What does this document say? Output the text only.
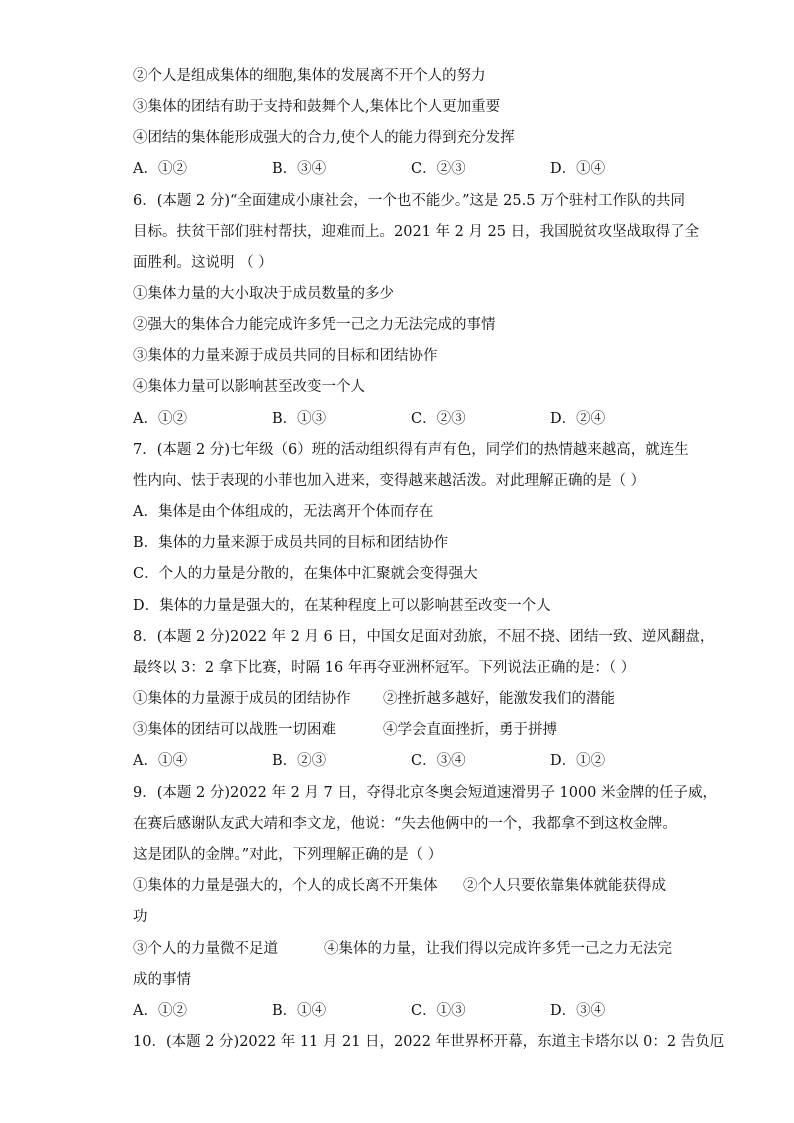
②个人是组成集体的细胞,集体的发展离不开个人的努力
③集体的团结有助于支持和鼓舞个人,集体比个人更加重要
④团结的集体能形成强大的合力,使个人的能力得到充分发挥
A．①②	B．③④	C．②③	D．①④
6．(本题 2 分)“全面建成小康社会，一个也不能少。”这是 25.5 万个驻村工作队的共同
目标。扶贫干部们驻村帮扶，迎难而上。2021 年 2 月 25 日，我国脱贫攻坚战取得了全
面胜利。这说明 （ ）
①集体力量的大小取决于成员数量的多少
②强大的集体合力能完成许多凭一己之力无法完成的事情
③集体的力量来源于成员共同的目标和团结协作
④集体力量可以影响甚至改变一个人
A．①②	B．①③	C．②③	D．②④
7．(本题 2 分)七年级（6）班的活动组织得有声有色，同学们的热情越来越高，就连生
性内向、怯于表现的小菲也加入进来，变得越来越活泼。对此理解正确的是（ ）
A．集体是由个体组成的，无法离开个体而存在
B．集体的力量来源于成员共同的目标和团结协作
C．个人的力量是分散的，在集体中汇聚就会变得强大
D．集体的力量是强大的，在某种程度上可以影响甚至改变一个人
8．(本题 2 分)2022 年 2 月 6 日，中国女足面对劲旅，不屈不挠、团结一致、逆风翻盘，
最终以 3：2 拿下比赛，时隔 16 年再夺亚洲杯冠军。下列说法正确的是：（ ）
①集体的力量源于成员的团结协作 ②挫折越多越好，能激发我们的潜能
③集体的团结可以战胜一切困难	④学会直面挫折，勇于拼搏
A．①④	B．②③	C．③④	D．①②
9．(本题 2 分)2022 年 2 月 7 日，夺得北京冬奥会短道速滑男子 1000 米金牌的任子威，
在赛后感谢队友武大靖和李文龙，他说：“失去他俩中的一个，我都拿不到这枚金牌。
这是团队的金牌。”对此，下列理解正确的是（ ）
①集体的力量是强大的，个人的成长离不开集体 ②个人只要依靠集体就能获得成
功
③个人的力量微不足道	④集体的力量，让我们得以完成许多凭一己之力无法完
成的事情
A．①②	B．①④	C．①③	D．③④
10．(本题 2 分)2022 年 11 月 21 日，2022 年世界杯开幕，东道主卡塔尔以 0：2 告负厄
